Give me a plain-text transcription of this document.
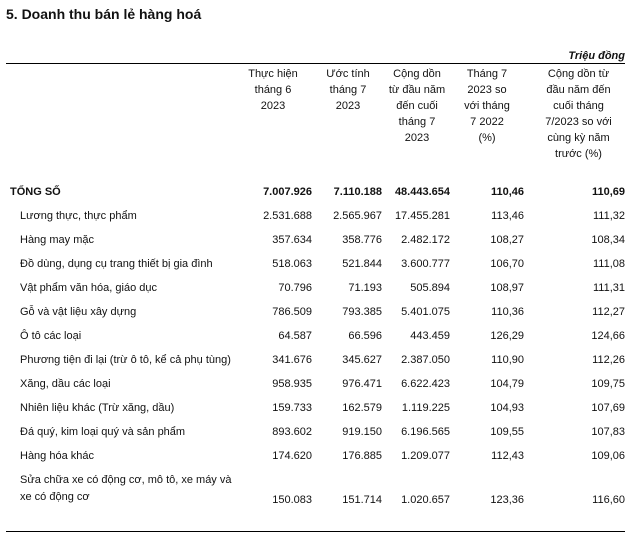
5. Doanh thu bán lẻ hàng hoá
Triệu đồng
	Thực hiện tháng 6 2023	Ước tính tháng 7 2023	Cộng dồn từ đầu năm đến cuối tháng 7 2023	Tháng 7 2023 so với tháng 7 2022 (%)	Cộng dồn từ đầu năm đến cuối tháng 7/2023 so với cùng kỳ năm trước (%)
TỔNG SỐ	7.007.926	7.110.188	48.443.654	110,46	110,69
Lương thực, thực phẩm	2.531.688	2.565.967	17.455.281	113,46	111,32
Hàng may mặc	357.634	358.776	2.482.172	108,27	108,34
Đồ dùng, dụng cụ trang thiết bị gia đình	518.063	521.844	3.600.777	106,70	111,08
Vật phẩm văn hóa, giáo dục	70.796	71.193	505.894	108,97	111,31
Gỗ và vật liệu xây dựng	786.509	793.385	5.401.075	110,36	112,27
Ô tô các loại	64.587	66.596	443.459	126,29	124,66
Phương tiện đi lại (trừ ô tô, kể cả phụ tùng)	341.676	345.627	2.387.050	110,90	112,26
Xăng, dầu các loại	958.935	976.471	6.622.423	104,79	109,75
Nhiên liệu khác (Trừ xăng, dầu)	159.733	162.579	1.119.225	104,93	107,69
Đá quý, kim loại quý và sản phẩm	893.602	919.150	6.196.565	109,55	107,83
Hàng hóa khác	174.620	176.885	1.209.077	112,43	109,06
Sửa chữa xe có động cơ, mô tô, xe máy và xe có động cơ	150.083	151.714	1.020.657	123,36	116,60
